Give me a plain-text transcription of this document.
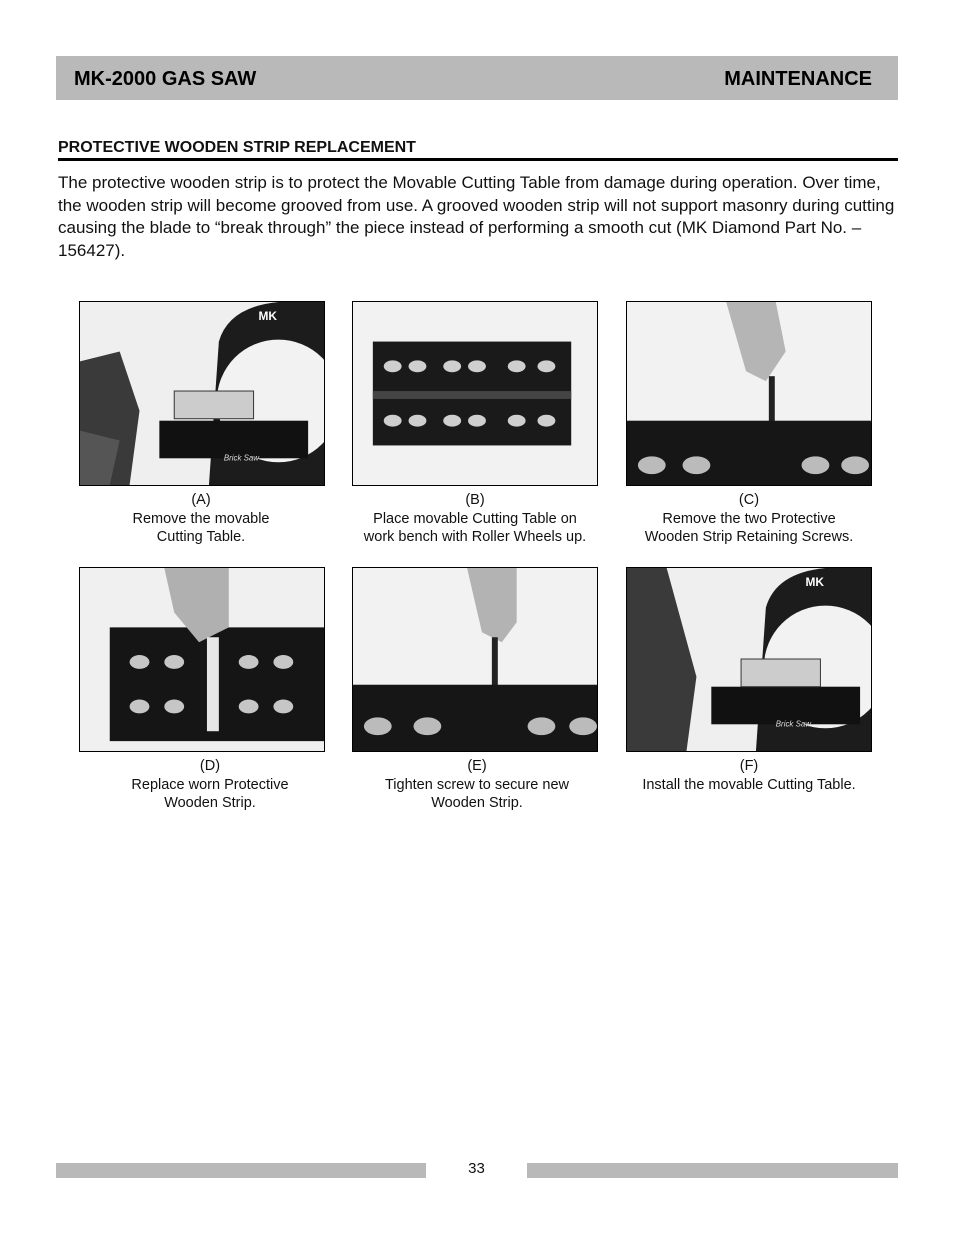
MK-2000 GAS SAW	MAINTENANCE
PROTECTIVE WOODEN STRIP REPLACEMENT

The protective wooden strip is to protect the Movable Cutting Table from damage during operation. Over time, the wooden strip will become grooved from use. A grooved wooden strip will not support masonry during cutting causing the blade to “break through” the piece instead of performing a smooth cut (MK Diamond Part No. – 156427).

MK
Brick Saw
(A)
Remove the movable
Cutting Table.
(B)
Place movable Cutting Table on
work bench with Roller Wheels up.
(C)
Remove the two Protective
Wooden Strip Retaining Screws.
(D)
Replace worn Protective
Wooden Strip.
(E)
Tighten screw to secure new
Wooden Strip.
MK
Brick Saw
(F)
Install the movable Cutting Table.
33
